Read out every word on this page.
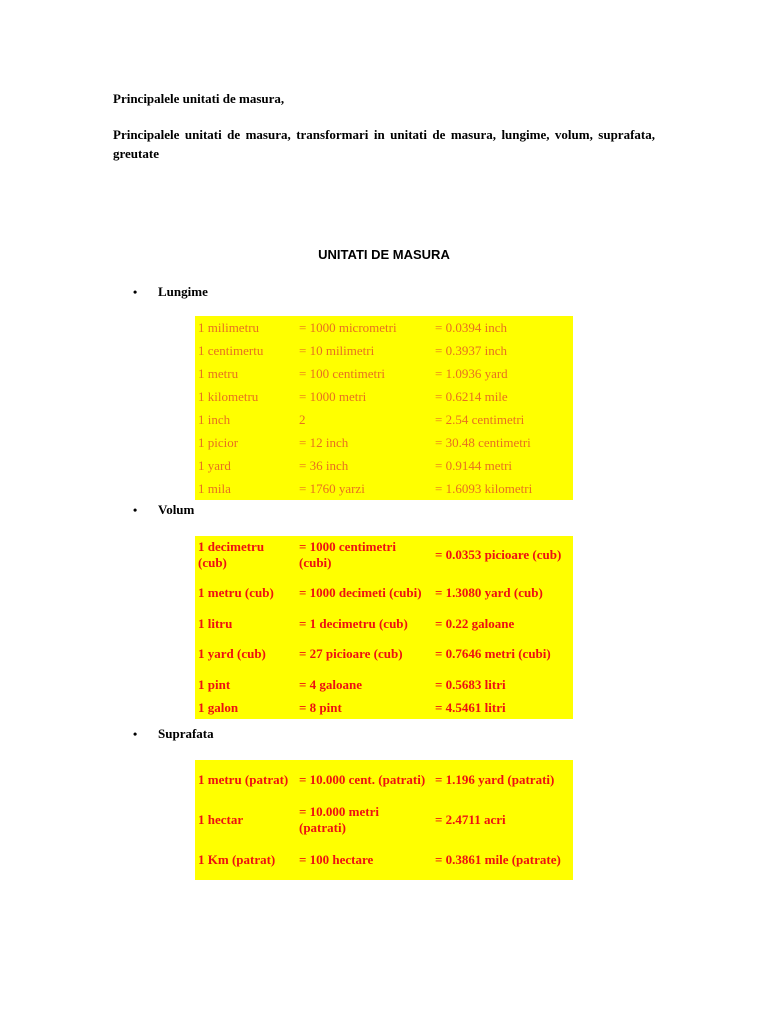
Principalele unitati de masura,
Principalele unitati de masura, transformari in unitati de masura, lungime, volum, suprafata, greutate
UNITATI DE MASURA
•	Lungime
1 milimetru	= 1000 micrometri	= 0.0394 inch
1 centimertu	= 10 milimetri	= 0.3937 inch
1 metru	= 100 centimetri	= 1.0936 yard
1 kilometru	= 1000 metri	= 0.6214 mile
1 inch	2	= 2.54 centimetri
1 picior	= 12 inch	= 30.48 centimetri
1 yard	= 36 inch	= 0.9144 metri
1 mila	= 1760 yarzi	= 1.6093 kilometri
•	Volum
1 decimetru (cub)	= 1000 centimetri (cubi)	= 0.0353 picioare (cub)
1 metru (cub)	= 1000 decimeti (cubi)	= 1.3080 yard (cub)
1 litru	= 1 decimetru (cub)	= 0.22 galoane
1 yard (cub)	= 27 picioare (cub)	= 0.7646 metri (cubi)
1 pint	= 4 galoane	= 0.5683 litri
1 galon	= 8 pint	= 4.5461 litri
•	Suprafata
1 metru (patrat)	= 10.000 cent. (patrati)	= 1.196 yard (patrati)
1 hectar	= 10.000 metri (patrati)	= 2.4711 acri
1 Km (patrat)	= 100 hectare	= 0.3861 mile (patrate)
